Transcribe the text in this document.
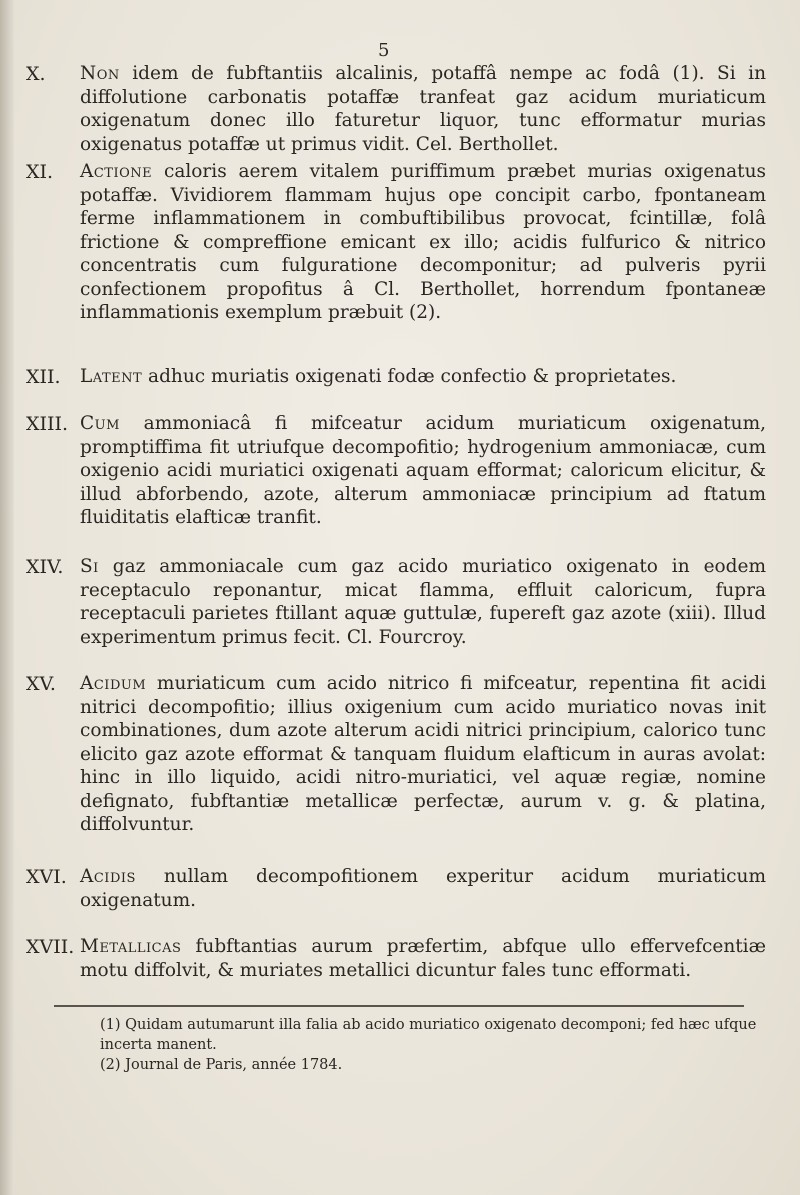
5
X.	Non idem de fubftantiis alcalinis, potaffâ nempe ac fodâ (1). Si in diffolutione carbonatis potaffæ tranfeat gaz acidum muriaticum oxigenatum donec illo faturetur liquor, tunc efformatur murias oxigenatus potaffæ ut primus vidit. Cel. Berthollet.
XI.	Actione caloris aerem vitalem puriffimum præbet murias oxigenatus potaffæ. Vividiorem flammam hujus ope concipit carbo, fpontaneam ferme inflammationem in combuftibilibus provocat, fcintillæ, folâ frictione & compreffione emicant ex illo; acidis fulfurico & nitrico concentratis cum fulguratione decomponitur; ad pulveris pyrii confectionem propofitus â Cl. Berthollet, horrendum fpontaneæ inflammationis exemplum præbuit (2).
XII.	Latent adhuc muriatis oxigenati fodæ confectio & proprietates.
XIII. Cum ammoniacâ fi mifceatur acidum muriaticum oxigenatum, promptiffima fit utriufque decompofitio; hydrogenium ammoniacæ, cum oxigenio acidi muriatici oxigenati aquam efformat; caloricum elicitur, & illud abforbendo, azote, alterum ammoniacæ principium ad ftatum fluiditatis elafticæ tranfit.
XIV. Si gaz ammoniacale cum gaz acido muriatico oxigenato in eodem receptaculo reponantur, micat flamma, effluit caloricum, fupra receptaculi parietes ftillant aquæ guttulæ, fupereft gaz azote (xiii). Illud experimentum primus fecit. Cl. Fourcroy.
XV.	Acidum muriaticum cum acido nitrico fi mifceatur, repentina fit acidi nitrici decompofitio; illius oxigenium cum acido muriatico novas init combinationes, dum azote alterum acidi nitrici principium, calorico tunc elicito gaz azote efformat & tanquam fluidum elafticum in auras avolat: hinc in illo liquido, acidi nitro-muriatici, vel aquæ regiæ, nomine defignato, fubftantiæ metallicæ perfectæ, aurum v. g. & platina, diffolvuntur.
XVI. Acidis nullam decompofitionem experitur acidum muriaticum oxigenatum.
XVII. Metallicas fubftantias aurum præfertim, abfque ullo effervefcentiæ motu diffolvit, & muriates metallici dicuntur fales tunc efformati.

(1) Quidam autumarunt illa falia ab acido muriatico oxigenato decomponi; fed hæc ufque incerta manent.

(2) Journal de Paris, année 1784.
